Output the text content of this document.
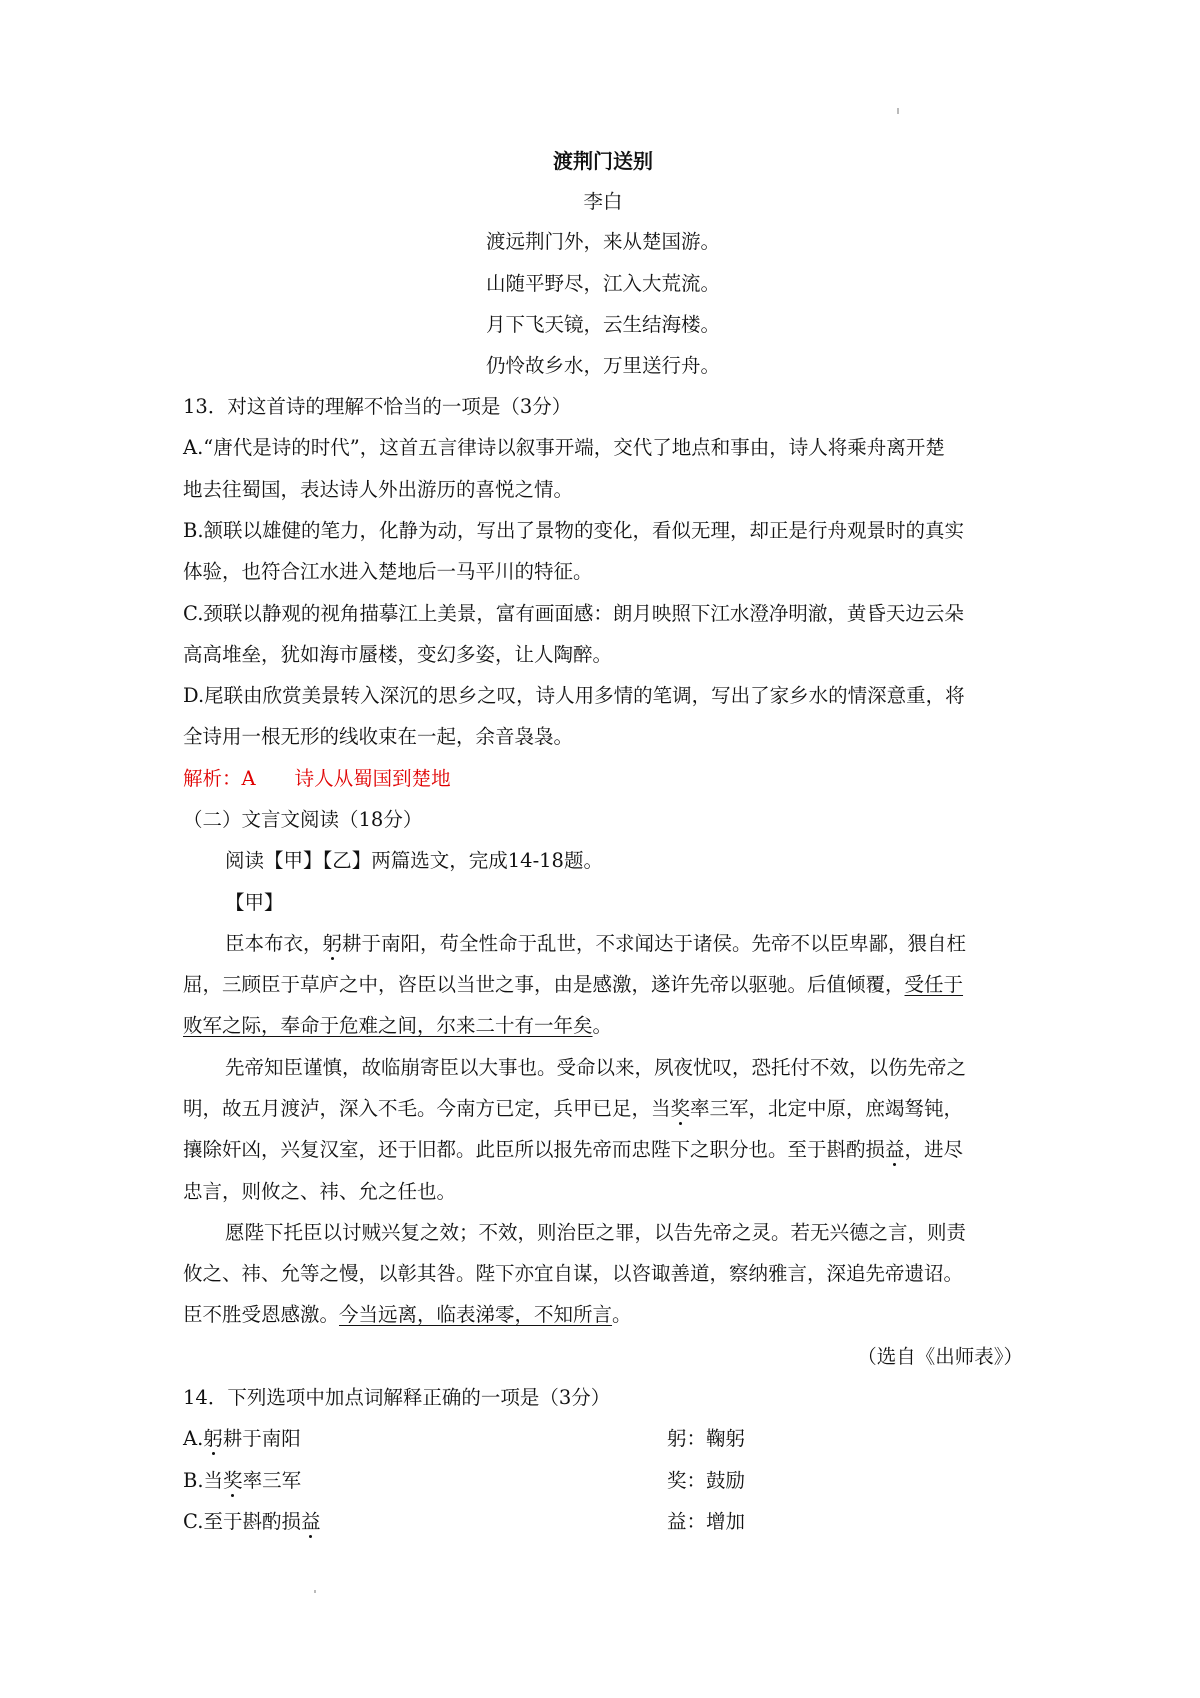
渡荆门送别
李白
渡远荆门外，来从楚国游。
山随平野尽，江入大荒流。
月下飞天镜，云生结海楼。
仍怜故乡水，万里送行舟。
13．对这首诗的理解不恰当的一项是（3分）
A.“唐代是诗的时代”，这首五言律诗以叙事开端，交代了地点和事由，诗人将乘舟离开楚
地去往蜀国，表达诗人外出游历的喜悦之情。
B.颔联以雄健的笔力，化静为动，写出了景物的变化，看似无理，却正是行舟观景时的真实
体验，也符合江水进入楚地后一马平川的特征。
C.颈联以静观的视角描摹江上美景，富有画面感：朗月映照下江水澄净明澈，黄昏天边云朵
高高堆垒，犹如海市蜃楼，变幻多姿，让人陶醉。
D.尾联由欣赏美景转入深沉的思乡之叹，诗人用多情的笔调，写出了家乡水的情深意重，将
全诗用一根无形的线收束在一起，余音袅袅。
解析：A　　诗人从蜀国到楚地
（二）文言文阅读（18分）
阅读【甲】【乙】两篇选文，完成14-18题。
【甲】
臣本布衣，躬耕于南阳，苟全性命于乱世，不求闻达于诸侯。先帝不以臣卑鄙，猥自枉
屈，三顾臣于草庐之中，咨臣以当世之事，由是感激，遂许先帝以驱驰。后值倾覆，受任于
败军之际，奉命于危难之间，尔来二十有一年矣。
先帝知臣谨慎，故临崩寄臣以大事也。受命以来，夙夜忧叹，恐托付不效，以伤先帝之
明，故五月渡泸，深入不毛。今南方已定，兵甲已足，当奖率三军，北定中原，庶竭驽钝，
攘除奸凶，兴复汉室，还于旧都。此臣所以报先帝而忠陛下之职分也。至于斟酌损益，进尽
忠言，则攸之、祎、允之任也。
愿陛下托臣以讨贼兴复之效；不效，则治臣之罪，以告先帝之灵。若无兴德之言，则责
攸之、祎、允等之慢，以彰其咎。陛下亦宜自谋，以咨诹善道，察纳雅言，深追先帝遗诏。
臣不胜受恩感激。今当远离，临表涕零，不知所言。
（选自《出师表》）
14．下列选项中加点词解释正确的一项是（3分）
A.躬耕于南阳	躬：鞠躬
B.当奖率三军	奖：鼓励
C.至于斟酌损益	益：增加
